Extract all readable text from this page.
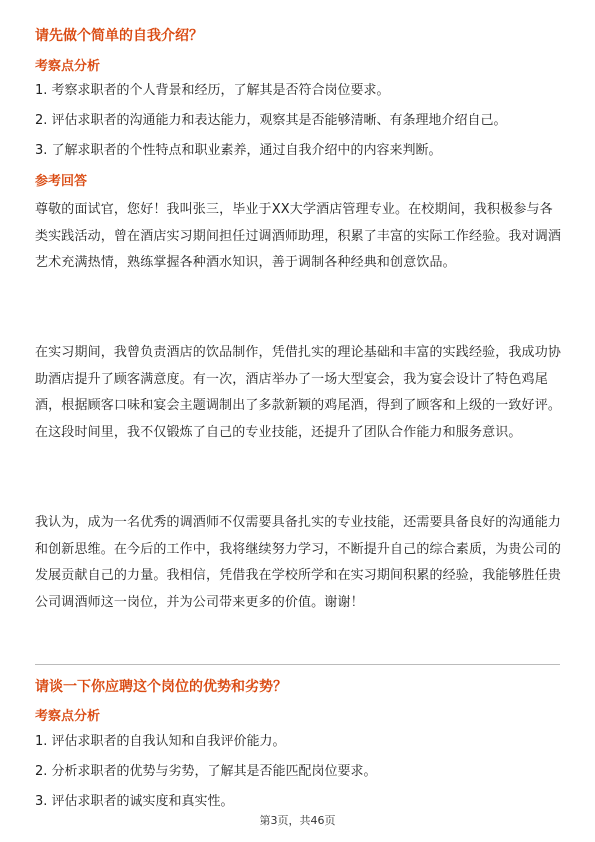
请先做个简单的自我介绍？
考察点分析
1. 考察求职者的个人背景和经历，了解其是否符合岗位要求。
2. 评估求职者的沟通能力和表达能力，观察其是否能够清晰、有条理地介绍自己。
3. 了解求职者的个性特点和职业素养，通过自我介绍中的内容来判断。
参考回答
尊敬的面试官，您好！我叫张三，毕业于XX大学酒店管理专业。在校期间，我积极参与各类实践活动，曾在酒店实习期间担任过调酒师助理，积累了丰富的实际工作经验。我对调酒艺术充满热情，熟练掌握各种酒水知识，善于调制各种经典和创意饮品。
在实习期间，我曾负责酒店的饮品制作，凭借扎实的理论基础和丰富的实践经验，我成功协助酒店提升了顾客满意度。有一次，酒店举办了一场大型宴会，我为宴会设计了特色鸡尾酒，根据顾客口味和宴会主题调制出了多款新颖的鸡尾酒，得到了顾客和上级的一致好评。在这段时间里，我不仅锻炼了自己的专业技能，还提升了团队合作能力和服务意识。
我认为，成为一名优秀的调酒师不仅需要具备扎实的专业技能，还需要具备良好的沟通能力和创新思维。在今后的工作中，我将继续努力学习，不断提升自己的综合素质，为贵公司的发展贡献自己的力量。我相信，凭借我在学校所学和在实习期间积累的经验，我能够胜任贵公司调酒师这一岗位，并为公司带来更多的价值。谢谢！
请谈一下你应聘这个岗位的优势和劣势？
考察点分析
1. 评估求职者的自我认知和自我评价能力。
2. 分析求职者的优势与劣势，了解其是否能匹配岗位要求。
3. 评估求职者的诚实度和真实性。
第3页，共46页
